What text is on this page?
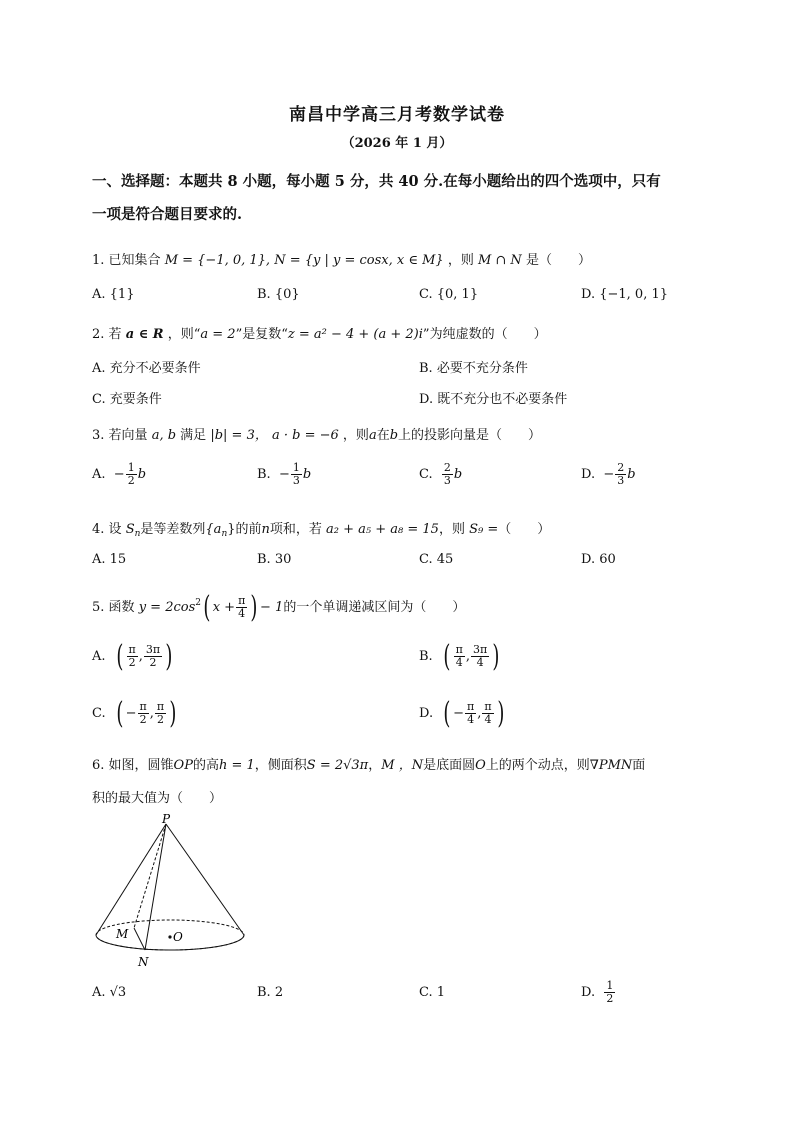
南昌中学高三月考数学试卷
（2026 年 1 月）
一、选择题：本题共 8 小题，每小题 5 分，共 40 分.在每小题给出的四个选项中，只有
一项是符合题目要求的.
1. 已知集合 M = {−1, 0, 1}, N = {y | y = cosx, x ∈ M} ，则 M ∩ N 是（　　）
A. {1}	B. {0}	C. {0, 1}	D. {−1, 0, 1}
2. 若 a ∈ R ，则“a = 2”是复数“z = a² − 4 + (a + 2)i”为纯虚数的（　　）
A. 充分不必要条件	B. 必要不充分条件
C. 充要条件	D. 既不充分也不必要条件
3. 若向量 a, b 满足 |b| = 3， a · b = −6 ，则a在b上的投影向量是（　　）
A. − $\frac{1}{2}$ b	B. − $\frac{1}{3}$ b	C. $\frac{2}{3}$ b	D. − $\frac{2}{3}$ b
4. 设 $S_n$是等差数列$\{a_n\}$的前n项和，若 a₂ + a₅ + a₈ = 15，则 S₉ =（　　）
A. 15	B. 30	C. 45	D. 60
5. 函数 $y = 2\cos^2$( $x + \frac{\pi}{4}$ ) − 1的一个单调递减区间为（　　）
A. ( $\frac{\pi}{2}$ , $\frac{3\pi}{2}$ )	B. ( $\frac{\pi}{4}$ , $\frac{3\pi}{4}$ )
C. ( − $\frac{\pi}{2}$ , $\frac{\pi}{2}$ )	D. ( − $\frac{\pi}{4}$ , $\frac{\pi}{4}$ )
6. 如图，圆锥OP的高h = 1，侧面积S = 2√3π，M ，N是底面圆O上的两个动点，则∇PMN面
积的最大值为（　　）
P
M
N
O
A. √3	B. 2	C. 1	D. $\frac{1}{2}$
